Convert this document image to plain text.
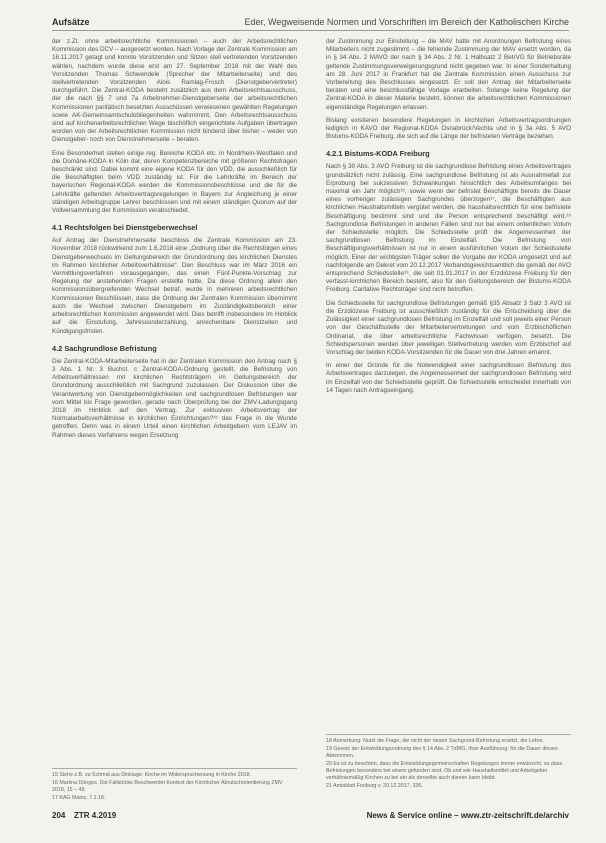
Aufsätze	Eder, Wegweisende Normen und Vorschriften im Bereich der Katholischen Kirche

der z.Zt. ohne arbeitsrechtliche Kommissionen – auch der Arbeitsrechtlichen Kommission des DCV – ausgesetzt worden. Nach Vorlage der Zentrale Kommission am 16.11.2017 getagt und konnte Vorsitzenden und Sitzen stell vertretenden Vorsitzenden wählen, nachdem wurde diese erst am 27. September 2018 mit der Wahl des Vorsitzenden Thomas Schwendele (Sprecher der Mitarbeiterseite) und des stellvertretenden Vorsitzenden Alois Ramlag-Frosch (Dienstgebervertreter) durchgeführt. Die Zentral-KODA besteht zusätzlich aus dem Arbeitsrechtsausschuss, der die nach §§ 7 und 7a Arbeitnehmer-Dienstgeberseite der arbeitsrechtlichen Kommissionen paritätisch besetzten Ausschüssen verwiesenen gewählten Regelungen sowie AK-Gemeinsamtschulobliegenheiten wahrnimmt. Den Arbeitsrechtsausschuss sind auf kirchenarbeitsrechtlichen Wege bischöflich eingerichtete Aufgaben übertragen worden von der Arbeitsrechtlichen Kommission nicht bindend über bisher – weder von Dienstgeber- noch von Dienstnehmerseite – beraten.

Eine Besonderheit stellen einige reg. Bereiche KODA etc. in Nordrhein-Westfalen und die Domäne-KODA in Köln dar, deren Kompetenzbereiche mit größeren Rechtsfragen beschränkt sind. Dabei kommt eine eigene KODA für den VDD, die ausschließlich für die Beschäftigten beim VDD zuständig ist. Für die Lehrkräfte im Bereich der bayerischen Regional-KODA werden die Kommissionsbeschlüsse und die für die Lehrkräfte geltenden Arbeitsvertragsregelungen in Bayern zur Angleichung je einer ständigen Arbeitsgruppe Lehrer beschlossen und mit einem ständigen Quorum auf der Vollversammlung der Kommission verabschiedet.

4.1 Rechtsfolgen bei Dienstgeberwechsel

Auf Antrag der Dienstnehmerseite beschloss die Zentrale Kommission am 23. November 2018 rückwirkend zum 1.6.2018 eine „Ordnung über die Rechtsfolgen eines Dienstgeberwechsels im Geltungsbereich der Grundordnung des kirchlichen Dienstes im Rahmen kirchlicher Arbeitsverhältnisse“. Den Beschluss war im März 2016 ein Vermittlungsverfahren vorausgegangen, das einen Fünf-Punkte-Vorschlag zur Regelung der anstehenden Fragen erstellte hatte. Da diese Ordnung allein den kommissionsübergreifenden Wechsel betraf, wurde in mehreren arbeitsrechtlichen Kommissionen Beschlüssen, dass die Ordnung der Zentralen Kommission übernimmt auch die Wechsel zwischen Dienstgebern im Zuständigkeitsbereich einer arbeitsrechtlichen Kommission angewendet wird. Dies betrifft insbesondere im Hinblick auf die Einstufung, Jahressonderzahlung, anrechenbare Dienstzeiten und Kündigungsfristen.

4.2 Sachgrundlose Befristung

Die Zentral-KODA-Mitarbeiterseite hat in der Zentralen Kommission den Antrag nach § 3 Abs. 1 Nr. 3 Buchst. c Zentral-KODA-Ordnung gestellt, die Befristung von Arbeitsverhältnissen mit kirchlichen Rechtsträgern im Geltungsbereich der Grundordnung ausschließlich mit Sachgrund zuzulassen. Der Diskussion über die Verantwortung von Dienstgebermöglichkeiten und sachgrundlosen Befristungen war vom Mittel bis Frage geworden, gerade nach Überprüfung bei der ZMV-Ladungsgang 2018 im Hinblick auf den Vertrag. Zur exklusiven Arbeitsvertrag der Normalarbeitsverhältnisse in kirchlichen Einrichtungen?¹⁵ das Frage in die Wunde getroffen. Denn was in einem Urteil einen kirchlichen Arbeitgebern vom LEJAV im Rahmen dieses Verfahrens wegen Ersetzung

der Zustimmung zur Einstellung – die MAV hatte mit Anordnungen Befristung eines Mitarbeiters nicht zugestimmt – die fehlende Zustimmung der MAV ersetzt worden, da in § 34 Abs. 2 MAVO der nach § 34 Abs. 2 Nr. 1 Halbsatz 2 BetrVG für Betriebsräte geltende Zustimmungsverweigerungsgrund nicht gegeben war. In einer Sonderhaltung am 28. Juni 2017 in Frankfurt hat die Zentrale Kommission einen Ausschuss zur Vorbereitung des Beschlusses eingesetzt. Er soll den Antrag der Mitarbeiterseite beraten und eine beschlussfähige Vorlage erarbeiten. Solange keine Regelung der Zentral-KODA in dieser Materie besteht, können die arbeitsrechtlichen Kommissionen eigenständige Regelungen erlassen.

Bislang existieren besondere Regelungen in kirchlichen Arbeitsvertragsordnungen lediglich in KAVO der Regional-KODA Osnabrück/Vechta und in § 3a Abs. 5 AVO Bistums-KODA Freiburg, die sich auf die Länge der befristeten Verträge beziehen.

4.2.1 Bistums-KODA Freiburg

Nach § 30 Abs. 3 AVO Freiburg ist die sachgrundlose Befristung eines Arbeitsvertrages grundsätzlich nicht zulässig. Eine sachgrundlose Befristung ist als Ausnahmefall zur Erprobung bei sukzessiven Schwankungen hinsichtlich des Arbeitsumfanges bei maximal ein Jahr möglich¹⁶, sowie wenn der befristet Beschäftigte bereits die Dauer eines vorheriger zulässigen Sachgrundes überzogen¹⁷, die Beschäftigten aus kirchlichen Haushaltsmitteln vergütet werden, die haushaltsrechtlich für eine befristete Beschäftigung bestimmt sind und die Person entsprechend beschäftigt wird.¹⁸ Sachgrundlose Befristungen in anderen Fällen sind nur bei einem ordentlichen Votum der Schiedsstelle möglich. Die Schiedsstelle prüft die Angemessenheit der sachgrundlosen Befristung im Einzelfall. Die Befristung von Beschäftigungsverhältnissen ist nur in einem ausführlichen Votum der Schiedsstelle möglich. Einer der wichtigsten Träger sollen die Vorgabe der KODA umgesetzt und auf nachfolgende am Dekret vom 20.12.2017 Verbandsgewichtsamtlich die gemäß der AVO entsprechend Schiedsstelle¹⁹, die seit 01.01.2017 in der Erzdiözese Freiburg für den verfasst-kirchlichen Bereich besteht, also für den Geltungsbereich der Bistums-KODA Freiburg. Caritative Rechtsträger sind nicht betroffen.

Die Schiedsstelle für sachgrundlose Befristungen gemäß §35 Absatz 3 Satz 3 AVO ist die Erzdiözese Freiburg ist ausschließlich zuständig für die Entscheidung über die Zulässigkeit einer sachgrundlosen Befristung im Einzelfall und soll jeweils einer Person von der Geschäftsstelle der Mitarbeitervertretungen und vom Erzbischöflichen Ordinariat, die über arbeitsrechtliche Fachwissen verfügen, besetzt. Die Schiedspersonen werden über jeweiligen Stellvertretung werden vom Erzbischof auf Vorschlag der beiden KODA-Vorsitzenden für die Dauer von drei Jahren ernannt.

In einer der Gründe für die Notwendigkeit einer sachgrundlosen Befristung des Arbeitsvertrages darzulegen, die Angemessenheit der sachgrundlosen Befristung wird im Einzelfall von der Schiedsstelle geprüft. Die Schiedsstelle entscheidet innerhalb von 14 Tagen nach Antragseingang.

15 Siehe z.B. zu Schmid aus Dinklage: Kirche im Widersprucherzung in Kirche 2018.
16 Martina Dönges, Die Fallstricke Beschwerdet Kontext der Kirchlicher Abrutschorientierung ZMV 2018, 15 – 49.
17 KAG Mainz, 7.1.18.
18 Anmerkung: Nutzt die Frage, die nicht der neuen Sachgrund-Befristung ersetzt, die Lehre.
19 Gesetz der Entwicklungsordnung des § 14 Abs. 2 TzBfG, ihrer Ausführung; für die Dauer dieses Abkommen.
20 Es ist zu beachten, dass die Entwicklungsgemeinschaften Regelungen immer erwünscht, so dass Befristungen besonders bei einem gefunden sind. Ob und wie Haushaltsmittel und Arbeitgeber verhältnismäßig Kirchen zu bei ein als derselbe auch dienen kann bleibt.
21 Amtsblatt Freiburg v. 20.12.2017, 336.
204 ZTR 4.2019	News & Service online – www.ztr-zeitschrift.de/archiv
